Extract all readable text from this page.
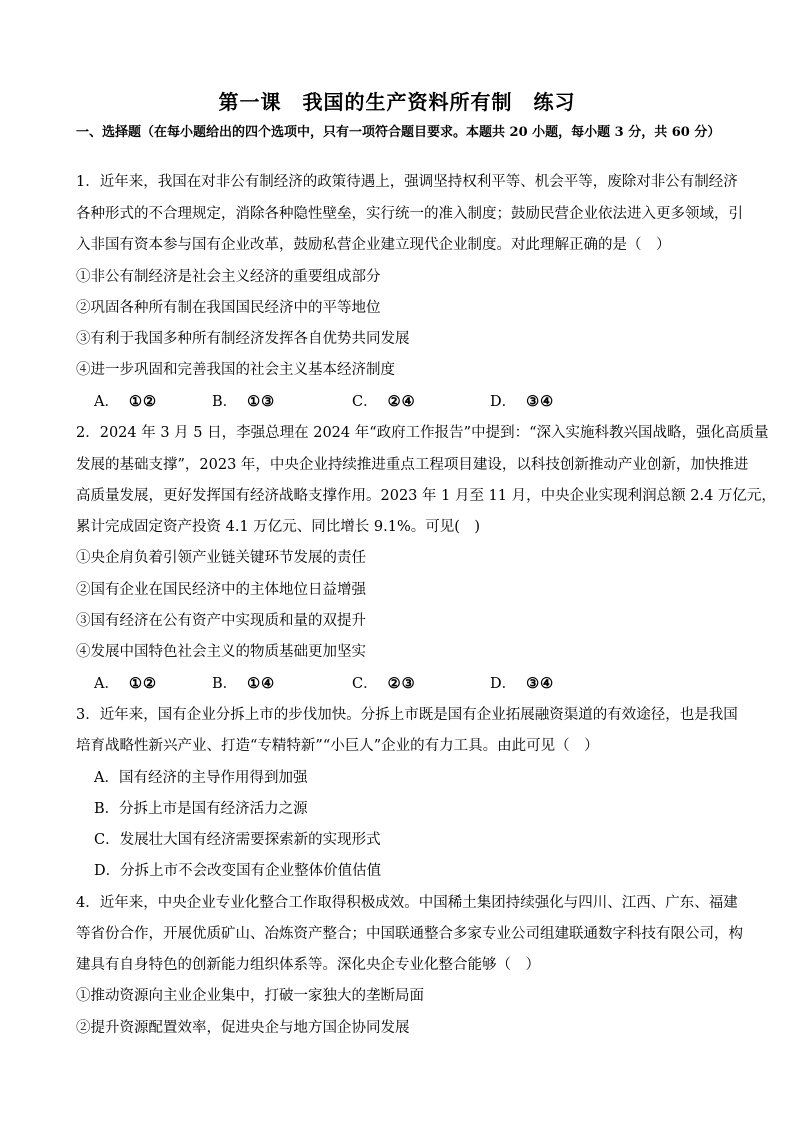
第一课　我国的生产资料所有制　练习
一、选择题（在每小题给出的四个选项中，只有一项符合题目要求。本题共 20 小题，每小题 3 分，共 60 分）
1．近年来，我国在对非公有制经济的政策待遇上，强调坚持权利平等、机会平等，废除对非公有制经济
各种形式的不合理规定，消除各种隐性壁垒，实行统一的准入制度；鼓励民营企业依法进入更多领域，引
入非国有资本参与国有企业改革，鼓励私营企业建立现代企业制度。对此理解正确的是（　）
①非公有制经济是社会主义经济的重要组成部分
②巩固各种所有制在我国国民经济中的平等地位
③有利于我国多种所有制经济发挥各自优势共同发展
④进一步巩固和完善我国的社会主义基本经济制度
A． ①②	B． ①③	C． ②④	D． ③④
2．2024 年 3 月 5 日，李强总理在 2024 年“政府工作报告”中提到：“深入实施科教兴国战略，强化高质量
发展的基础支撑”，2023 年，中央企业持续推进重点工程项目建设，以科技创新推动产业创新，加快推进
高质量发展，更好发挥国有经济战略支撑作用。2023 年 1 月至 11 月，中央企业实现利润总额 2.4 万亿元，
累计完成固定资产投资 4.1 万亿元、同比增长 9.1%。可见(　)
①央企肩负着引领产业链关键环节发展的责任
②国有企业在国民经济中的主体地位日益增强
③国有经济在公有资产中实现质和量的双提升
④发展中国特色社会主义的物质基础更加坚实
A． ①②	B． ①④	C． ②③	D． ③④
3．近年来，国有企业分拆上市的步伐加快。分拆上市既是国有企业拓展融资渠道的有效途径，也是我国
培育战略性新兴产业、打造“专精特新”“小巨人”企业的有力工具。由此可见（　）
A．国有经济的主导作用得到加强
B．分拆上市是国有经济活力之源
C．发展壮大国有经济需要探索新的实现形式
D．分拆上市不会改变国有企业整体价值估值
4．近年来，中央企业专业化整合工作取得积极成效。中国稀土集团持续强化与四川、江西、广东、福建
等省份合作，开展优质矿山、冶炼资产整合；中国联通整合多家专业公司组建联通数字科技有限公司，构
建具有自身特色的创新能力组织体系等。深化央企专业化整合能够（　）
①推动资源向主业企业集中，打破一家独大的垄断局面
②提升资源配置效率，促进央企与地方国企协同发展
